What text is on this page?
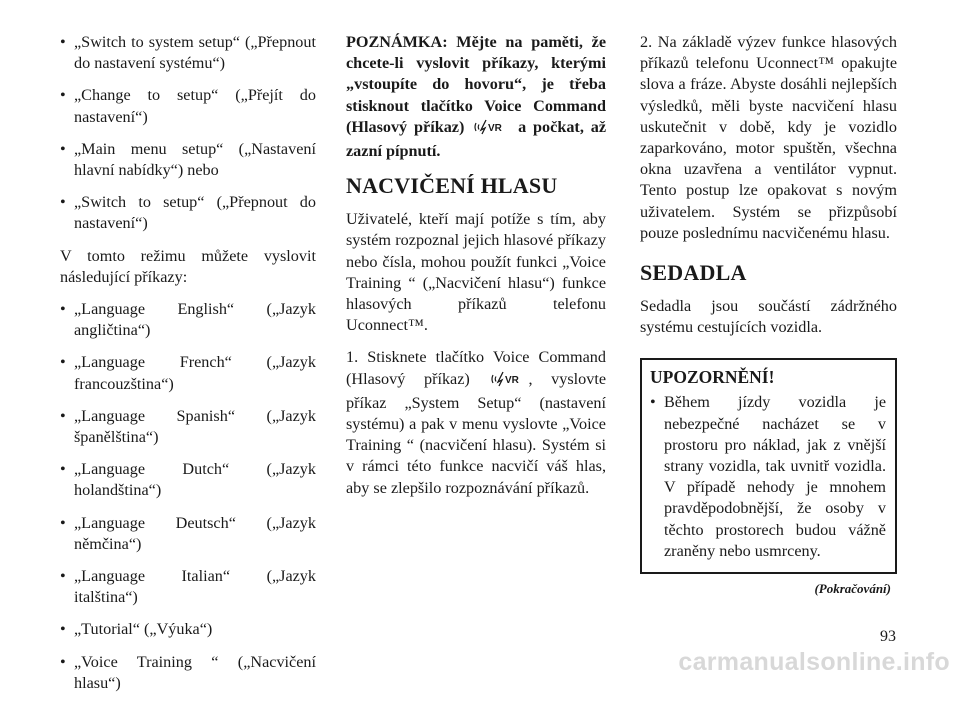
• „Switch to system setup“ („Přepnout do nastavení systému“)
• „Change to setup“ („Přejít do nastavení“)
• „Main menu setup“ („Nastavení hlavní nabídky“) nebo
• „Switch to setup“ („Přepnout do nastavení“)

V tomto režimu můžete vyslovit následující příkazy:

• „Language English“ („Jazyk angličtina“)
• „Language French“ („Jazyk francouzština“)
• „Language Spanish“ („Jazyk španělština“)
• „Language Dutch“ („Jazyk holandština“)
• „Language Deutsch“ („Jazyk němčina“)
• „Language Italian“ („Jazyk italština“)
• „Tutorial“ („Výuka“)
• „Voice Training “ („Nacvičení hlasu“)

POZNÁMKA: Mějte na paměti, že chcete-li vyslovit příkazy, kterými „vstoupíte do hovoru“, je třeba stisknout tlačítko Voice Command (Hlasový příkaz) VR a počkat, až zazní pípnutí.

NACVIČENÍ HLASU

Uživatelé, kteří mají potíže s tím, aby systém rozpoznal jejich hlasové příkazy nebo čísla, mohou použít funkci „Voice Training “ („Nacvičení hlasu“) funkce hlasových příkazů telefonu Uconnect™.

1. Stisknete tlačítko Voice Command (Hlasový příkaz)	VR , vyslovte příkaz „System Setup“ (nastavení systému) a pak v menu vyslovte „Voice Training “ (nacvičení hlasu). Systém si v rámci této funkce nacvičí váš hlas, aby se zlepšilo rozpoznávání příkazů.

2. Na základě výzev funkce hlasových příkazů telefonu Uconnect™ opakujte slova a fráze. Abyste dosáhli nejlepších výsledků, měli byste nacvičení hlasu uskutečnit v době, kdy je vozidlo zaparkováno, motor spuštěn, všechna okna uzavřena a ventilátor vypnut. Tento postup lze opakovat s novým uživatelem. Systém se přizpůsobí pouze poslednímu nacvičenému hlasu.

SEDADLA

Sedadla jsou součástí zádržného systému cestujících vozidla.

UPOZORNĚNÍ!
• Během jízdy vozidla je nebezpečné nacházet se v prostoru pro náklad, jak z vnější strany vozidla, tak uvnitř vozidla. V případě nehody je mnohem pravděpodobnější, že osoby v těchto prostorech budou vážně zraněny nebo usmrceny.
(Pokračování)
93
carmanualsonline.info
